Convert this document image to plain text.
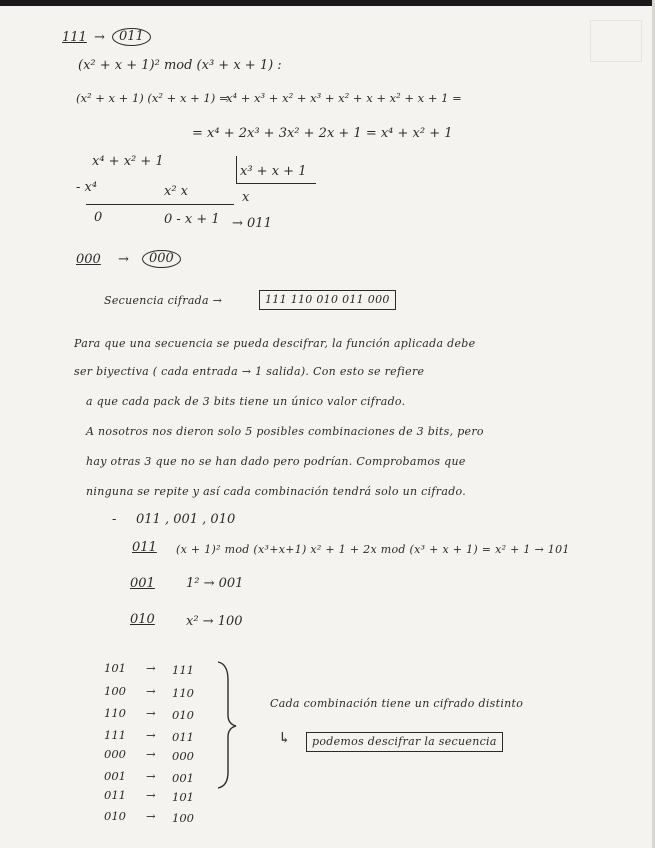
111 →	011
(x² + x + 1)² mod (x³ + x + 1) :
(x² + x + 1) (x² + x + 1) =
x⁴ + x³ + x² + x³ + x² + x + x² + x + 1 =
= x⁴ + 2x³ + 3x² + 2x + 1 = x⁴ + x² + 1
x⁴ + x² + 1
x³ + x + 1
- x⁴	x² x	x
0	0 - x + 1 → 011
000 →	000
Secuencia cifrada →	111 110 010 011 000
Para que una secuencia se pueda descifrar, la función aplicada debe
ser biyectiva ( cada entrada → 1 salida). Con esto se refiere
a que cada pack de 3 bits tiene un único valor cifrado.
A nosotros nos dieron solo 5 posibles combinaciones de 3 bits, pero
hay otras 3 que no se han dado pero podrían. Comprobamos que
ninguna se repite y así cada combinación tendrá solo un cifrado.
- 011 , 001 , 010
011 (x + 1)² mod (x³+x+1) x² + 1 + 2x mod (x³ + x + 1) = x² + 1 → 101
001 1² → 001
010 x² → 100
101 → 111
100 → 110
110 → 010
111 → 011
000 → 000
001 → 001
011 → 101
010 → 100
Cada combinación tiene un cifrado distinto
↳	podemos descifrar la secuencia
